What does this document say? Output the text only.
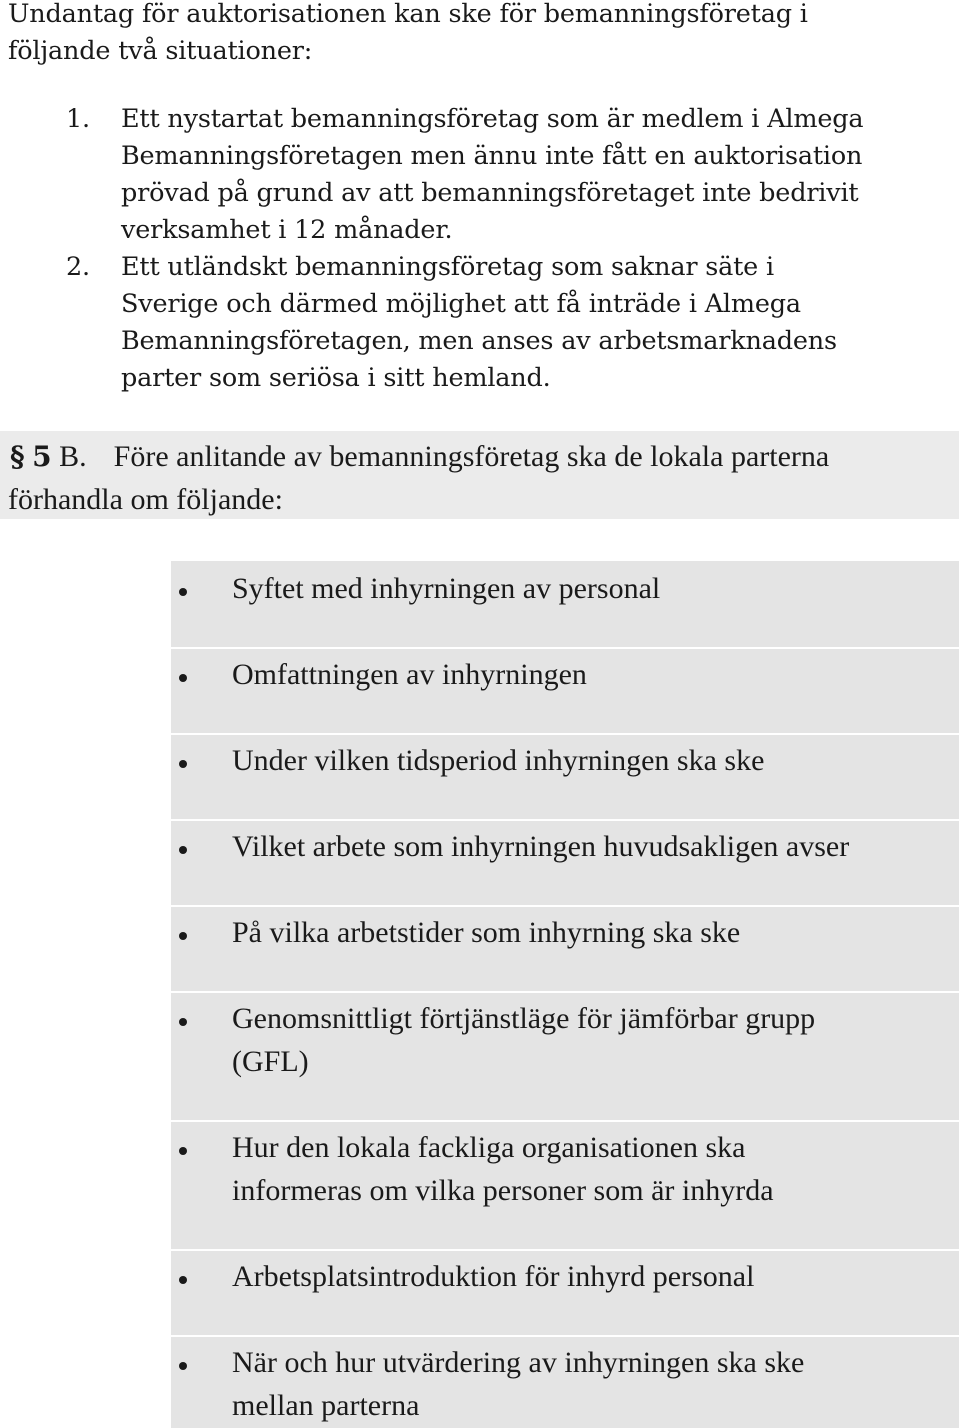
Undantag för auktorisationen kan ske för bemanningsföretag i
följande två situationer:
1. Ett nystartat bemanningsföretag som är medlem i Almega
Bemanningsföretagen men ännu inte fått en auktorisation
prövad på grund av att bemanningsföretaget inte bedrivit
verksamhet i 12 månader.
2. Ett utländskt bemanningsföretag som saknar säte i
Sverige och därmed möjlighet att få inträde i Almega
Bemanningsföretagen, men anses av arbetsmarknadens
parter som seriösa i sitt hemland.
§ 5 B. Före anlitande av bemanningsföretag ska de lokala parterna
förhandla om följande:
Syftet med inhyrningen av personal
Omfattningen av inhyrningen
Under vilken tidsperiod inhyrningen ska ske
Vilket arbete som inhyrningen huvudsakligen avser
På vilka arbetstider som inhyrning ska ske
Genomsnittligt förtjänstläge för jämförbar grupp
(GFL)
Hur den lokala fackliga organisationen ska
informeras om vilka personer som är inhyrda
Arbetsplatsintroduktion för inhyrd personal
När och hur utvärdering av inhyrningen ska ske
mellan parterna
